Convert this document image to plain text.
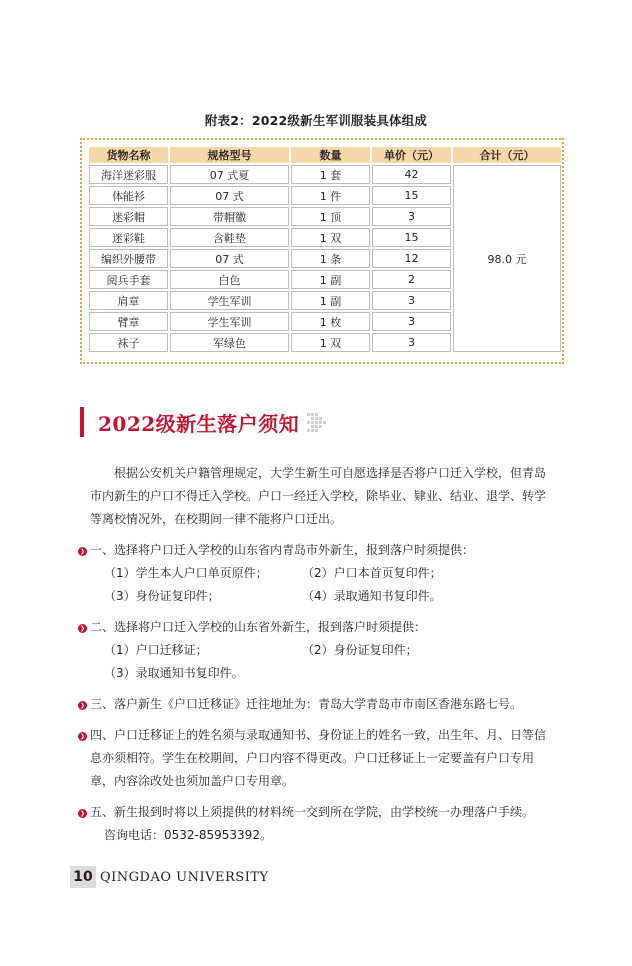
附表2：2022级新生军训服装具体组成
货物名称	规格型号	数量	单价（元）	合计（元）
海洋迷彩服	07 式夏	1 套	42	98.0 元
体能衫	07 式	1 件	15	
迷彩帽	带帽徽	1 顶	3	
迷彩鞋	含鞋垫	1 双	15	
编织外腰带	07 式	1 条	12	
阅兵手套	白色	1 副	2	
肩章	学生军训	1 副	3	
臂章	学生军训	1 枚	3	
袜子	军绿色	1 双	3	
2022级新生落户须知

根据公安机关户籍管理规定，大学生新生可自愿选择是否将户口迁入学校，但青岛市内新生的户口不得迁入学校。户口一经迁入学校，除毕业、肄业、结业、退学、转学等离校情况外，在校期间一律不能将户口迁出。

❯ 一、选择将户口迁入学校的山东省内青岛市外新生，报到落户时须提供：

（1）学生本人户口单页原件；	（2）户口本首页复印件；
（3）身份证复印件；	（4）录取通知书复印件。

❯ 二、选择将户口迁入学校的山东省外新生，报到落户时须提供：

（1）户口迁移证；	（2）身份证复印件；
（3）录取通知书复印件。

❯ 三、落户新生《户口迁移证》迁往地址为：青岛大学青岛市市南区香港东路七号。

❯ 四、户口迁移证上的姓名须与录取通知书、身份证上的姓名一致，出生年、月、日等信息亦须相符。学生在校期间，户口内容不得更改。户口迁移证上一定要盖有户口专用章，内容涂改处也须加盖户口专用章。

❯ 五、新生报到时将以上须提供的材料统一交到所在学院，由学校统一办理落户手续。

咨询电话：0532-85953392。
10 QINGDAO UNIVERSITY
